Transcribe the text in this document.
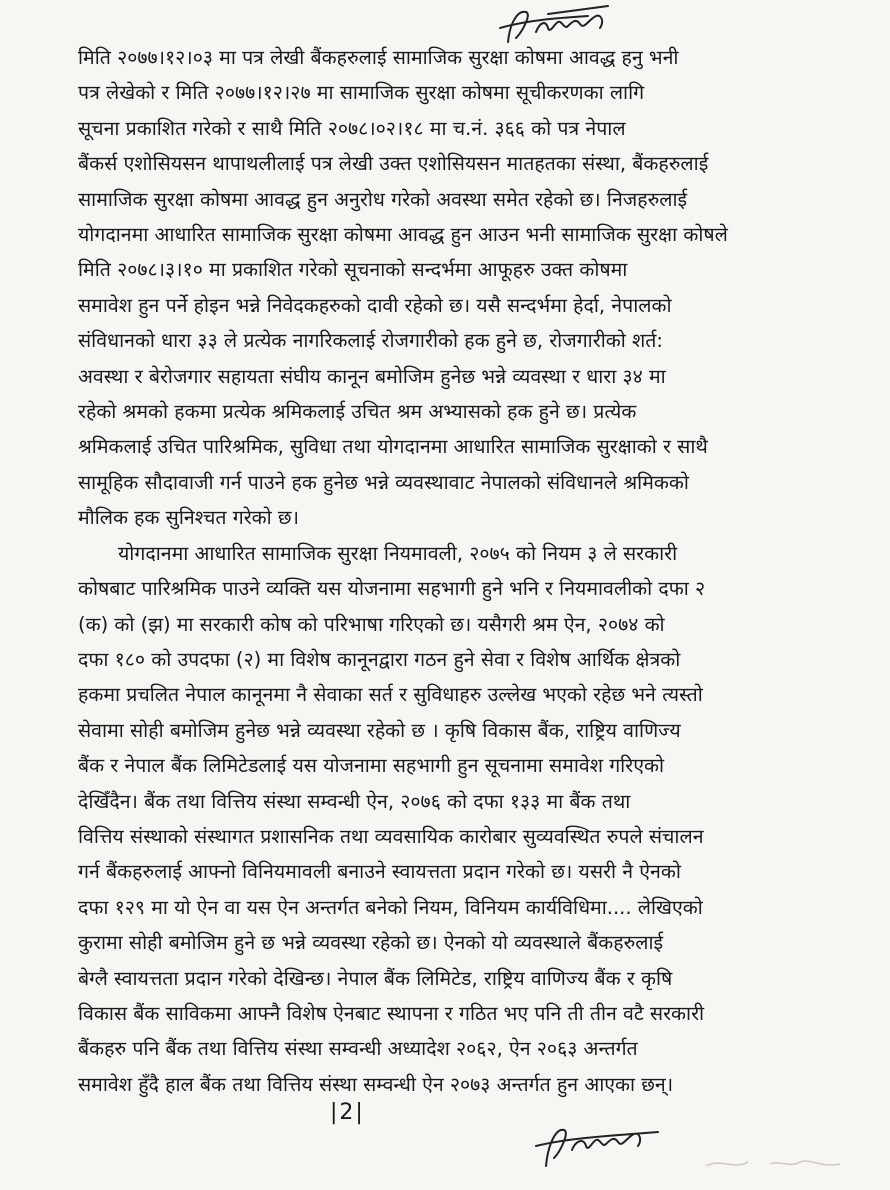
मिति २०७७।१२।०३ मा पत्र लेखी बैंकहरुलाई सामाजिक सुरक्षा कोषमा आवद्ध हनु भनी
पत्र लेखेको र मिति २०७७।१२।२७ मा सामाजिक सुरक्षा कोषमा सूचीकरणका लागि
सूचना प्रकाशित गरेको र साथै मिति २०७८।०२।१८ मा च.नं. ३६६ को पत्र नेपाल
बैंकर्स एशोसियसन थापाथलीलाई पत्र लेखी उक्त एशोसियसन मातहतका संस्था, बैंकहरुलाई
सामाजिक सुरक्षा कोषमा आवद्ध हुन अनुरोध गरेको अवस्था समेत रहेको छ। निजहरुलाई
योगदानमा आधारित सामाजिक सुरक्षा कोषमा आवद्ध हुन आउन भनी सामाजिक सुरक्षा कोषले
मिति २०७८।३।१० मा प्रकाशित गरेको सूचनाको सन्दर्भमा आफूहरु उक्त कोषमा
समावेश हुन पर्ने होइन भन्ने निवेदकहरुको दावी रहेको छ। यसै सन्दर्भमा हेर्दा, नेपालको
संविधानको धारा ३३ ले प्रत्येक नागरिकलाई रोजगारीको हक हुने छ, रोजगारीको शर्त:
अवस्था र बेरोजगार सहायता संघीय कानून बमोजिम हुनेछ भन्ने व्यवस्था र धारा ३४ मा
रहेको श्रमको हकमा प्रत्येक श्रमिकलाई उचित श्रम अभ्यासको हक हुने छ। प्रत्येक
श्रमिकलाई उचित पारिश्रमिक, सुविधा तथा योगदानमा आधारित सामाजिक सुरक्षाको र साथै
सामूहिक सौदावाजी गर्न पाउने हक हुनेछ भन्ने व्यवस्थावाट नेपालको संविधानले श्रमिकको
मौलिक हक सुनिश्चत गरेको छ।
योगदानमा आधारित सामाजिक सुरक्षा नियमावली, २०७५ को नियम ३ ले सरकारी
कोषबाट पारिश्रमिक पाउने व्यक्ति यस योजनामा सहभागी हुने भनि र नियमावलीको दफा २
(क) को (झ) मा सरकारी कोष को परिभाषा गरिएको छ। यसैगरी श्रम ऐन, २०७४ को
दफा १८० को उपदफा (२) मा विशेष कानूनद्वारा गठन हुने सेवा र विशेष आर्थिक क्षेत्रको
हकमा प्रचलित नेपाल कानूनमा नै सेवाका सर्त र सुविधाहरु उल्लेख भएको रहेछ भने त्यस्तो
सेवामा सोही बमोजिम हुनेछ भन्ने व्यवस्था रहेको छ । कृषि विकास बैंक, राष्ट्रिय वाणिज्य
बैंक र नेपाल बैंक लिमिटेडलाई यस योजनामा सहभागी हुन सूचनामा समावेश गरिएको
देखिँदैन। बैंक तथा वित्तिय संस्था सम्वन्धी ऐन, २०७६ को दफा १३३ मा बैंक तथा
वित्तिय संस्थाको संस्थागत प्रशासनिक तथा व्यवसायिक कारोबार सुव्यवस्थित रुपले संचालन
गर्न बैंकहरुलाई आफ्नो विनियमावली बनाउने स्वायत्तता प्रदान गरेको छ। यसरी नै ऐनको
दफा १२९ मा यो ऐन वा यस ऐन अन्तर्गत बनेको नियम, विनियम कार्यविधिमा.... लेखिएको
कुरामा सोही बमोजिम हुने छ भन्ने व्यवस्था रहेको छ। ऐनको यो व्यवस्थाले बैंकहरुलाई
बेग्लै स्वायत्तता प्रदान गरेको देखिन्छ। नेपाल बैंक लिमिटेड, राष्ट्रिय वाणिज्य बैंक र कृषि
विकास बैंक साविकमा आफ्नै विशेष ऐनबाट स्थापना र गठित भए पनि ती तीन वटै सरकारी
बैंकहरु पनि बैंक तथा वित्तिय संस्था सम्वन्धी अध्यादेश २०६२, ऐन २०६३ अन्तर्गत
समावेश हुँदै हाल बैंक तथा वित्तिय संस्था सम्वन्धी ऐन २०७३ अन्तर्गत हुन आएका छन्।
|2|
